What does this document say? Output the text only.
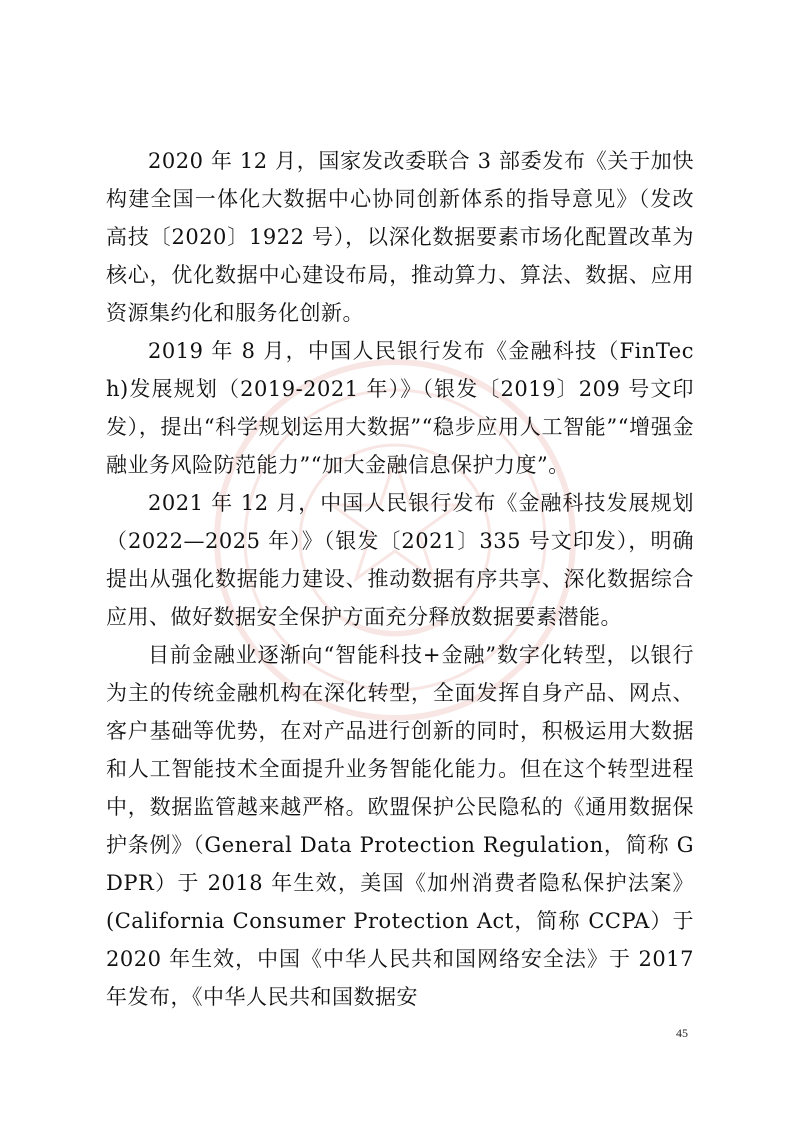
2020 年 12 月，国家发改委联合 3 部委发布《关于加快构建全国一体化大数据中心协同创新体系的指导意见》（发改高技〔2020〕1922 号），以深化数据要素市场化配置改革为核心，优化数据中心建设布局，推动算力、算法、数据、应用资源集约化和服务化创新。

2019 年 8 月，中国人民银行发布《金融科技（FinTech)发展规划（2019-2021 年）》（银发〔2019〕209 号文印发），提出“科学规划运用大数据”“稳步应用人工智能”“增强金融业务风险防范能力”“加大金融信息保护力度”。

2021 年 12 月，中国人民银行发布《金融科技发展规划（2022—2025 年）》（银发〔2021〕335 号文印发），明确提出从强化数据能力建设、推动数据有序共享、深化数据综合应用、做好数据安全保护方面充分释放数据要素潜能。

目前金融业逐渐向“智能科技+金融”数字化转型，以银行为主的传统金融机构在深化转型，全面发挥自身产品、网点、客户基础等优势，在对产品进行创新的同时，积极运用大数据和人工智能技术全面提升业务智能化能力。但在这个转型进程中，数据监管越来越严格。欧盟保护公民隐私的《通用数据保护条例》（General Data Protection Regulation，简称 GDPR）于 2018 年生效，美国《加州消费者隐私保护法案》(California Consumer Protection Act，简称 CCPA）于 2020 年生效，中国《中华人民共和国网络安全法》于 2017 年发布，《中华人民共和国数据安

45
